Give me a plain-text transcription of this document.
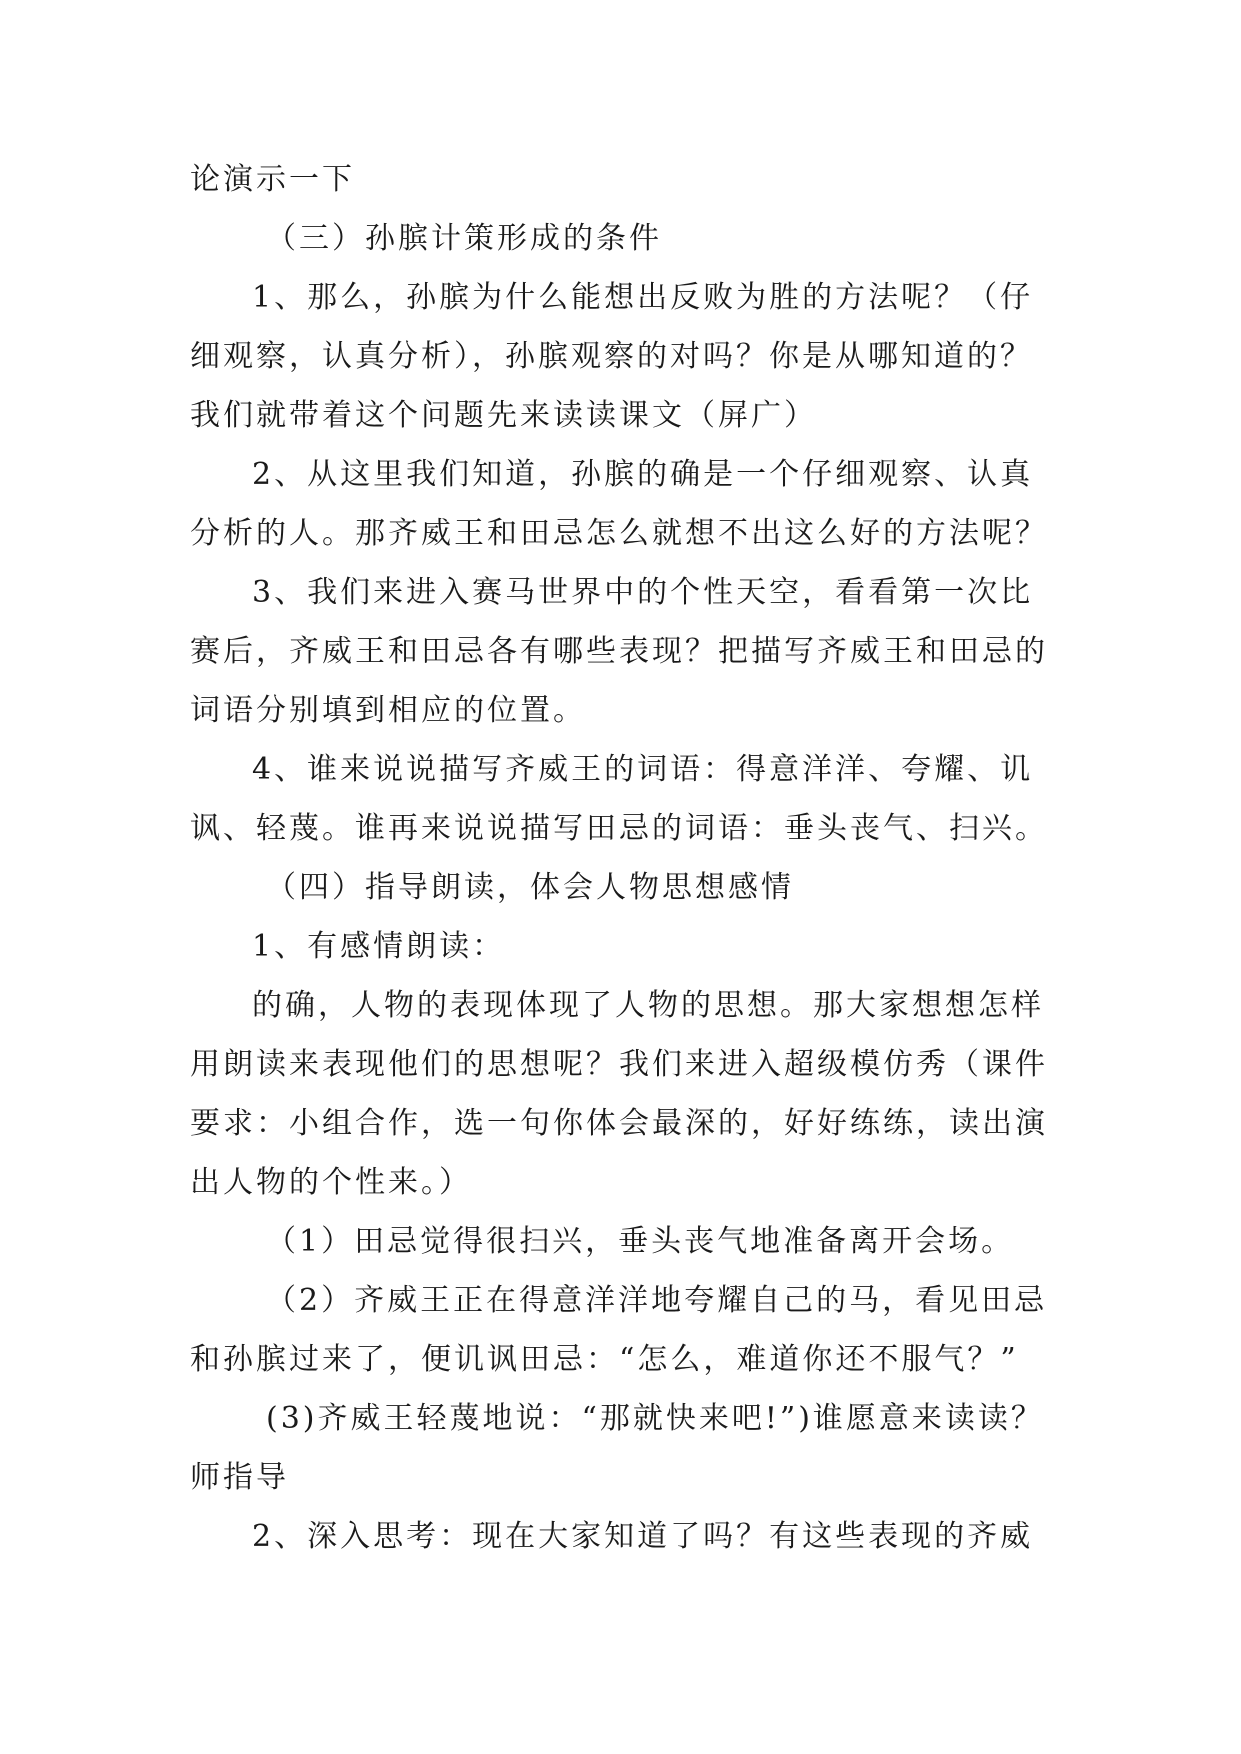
论演示一下
（三）孙膑计策形成的条件
1、那么，孙膑为什么能想出反败为胜的方法呢？（仔
细观察，认真分析），孙膑观察的对吗？你是从哪知道的？
我们就带着这个问题先来读读课文（屏广）
2、从这里我们知道，孙膑的确是一个仔细观察、认真
分析的人。那齐威王和田忌怎么就想不出这么好的方法呢？
3、我们来进入赛马世界中的个性天空，看看第一次比
赛后，齐威王和田忌各有哪些表现？把描写齐威王和田忌的
词语分别填到相应的位置。
4、谁来说说描写齐威王的词语：得意洋洋、夸耀、讥
讽、轻蔑。谁再来说说描写田忌的词语：垂头丧气、扫兴。
（四）指导朗读，体会人物思想感情
1、有感情朗读：
的确，人物的表现体现了人物的思想。那大家想想怎样
用朗读来表现他们的思想呢？我们来进入超级模仿秀（课件
要求：小组合作，选一句你体会最深的，好好练练，读出演
出人物的个性来。）
（1）田忌觉得很扫兴，垂头丧气地准备离开会场。
（2）齐威王正在得意洋洋地夸耀自己的马，看见田忌
和孙膑过来了，便讥讽田忌：“怎么，难道你还不服气？”
(3)齐威王轻蔑地说：“那就快来吧!”)谁愿意来读读？
师指导
2、深入思考：现在大家知道了吗？有这些表现的齐威
